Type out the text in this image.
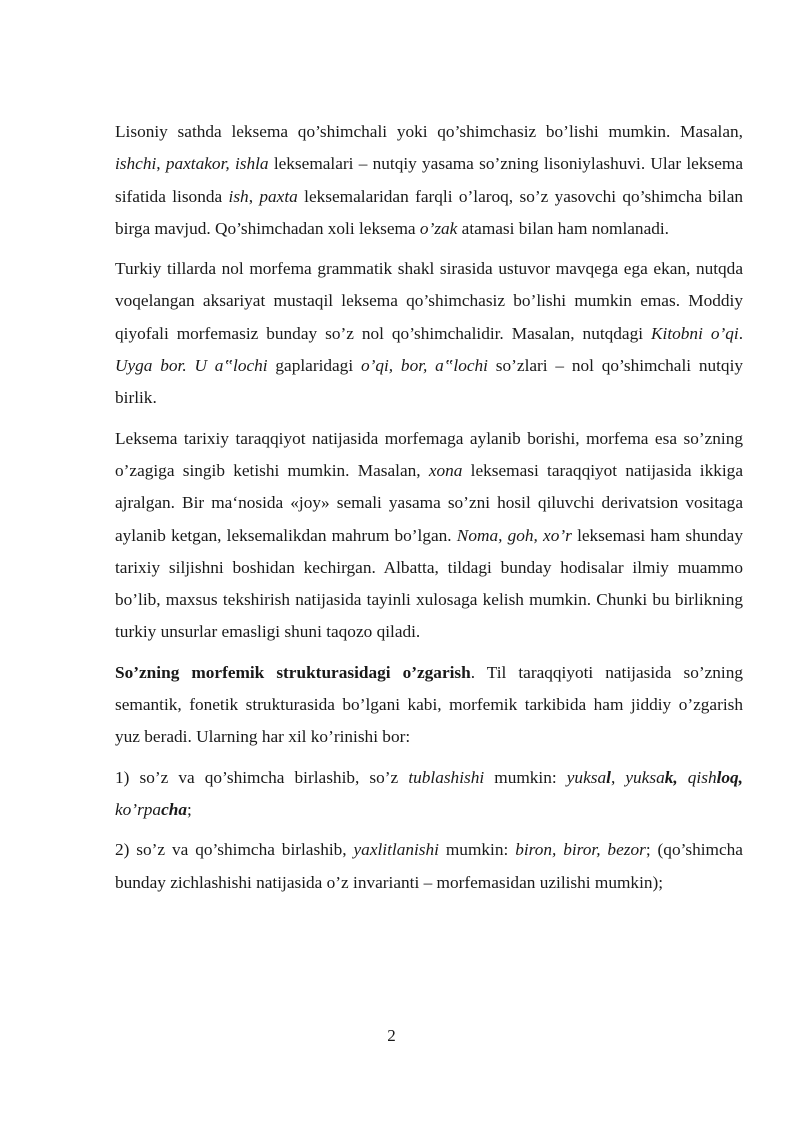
Lisoniy sathda leksema qo’shimchali yoki qo’shimchasiz bo’lishi mumkin. Masalan, ishchi, paxtakor, ishla leksemalari – nutqiy yasama so’zning lisoniylashuvi. Ular leksema sifatida lisonda ish, paxta leksemalaridan farqli o’laroq, so’z yasovchi qo’shimcha bilan birga mavjud. Qo’shimchadan xoli leksema o’zak atamasi bilan ham nomlanadi.

Turkiy tillarda nol morfema grammatik shakl sirasida ustuvor mavqega ega ekan, nutqda voqelangan aksariyat mustaqil leksema qo’shimchasiz bo’lishi mumkin emas. Moddiy qiyofali morfemasiz bunday so’z nol qo’shimchalidir. Masalan, nutqdagi Kitobni o’qi. Uyga bor. U a‟lochi gaplaridagi o’qi, bor, a‟lochi so’zlari – nol qo’shimchali nutqiy birlik.

Leksema tarixiy taraqqiyot natijasida morfemaga aylanib borishi, morfema esa so’zning o’zagiga singib ketishi mumkin. Masalan, xona leksemasi taraqqiyot natijasida ikkiga ajralgan. Bir ma‘nosida «joy» semali yasama so’zni hosil qiluvchi derivatsion vositaga aylanib ketgan, leksemalikdan mahrum bo’lgan. Noma, goh, xo’r leksemasi ham shunday tarixiy siljishni boshidan kechirgan. Albatta, tildagi bunday hodisalar ilmiy muammo bo’lib, maxsus tekshirish natijasida tayinli xulosaga kelish mumkin. Chunki bu birlikning turkiy unsurlar emasligi shuni taqozo qiladi.

So’zning morfemik strukturasidagi o’zgarish. Til taraqqiyoti natijasida so’zning semantik, fonetik strukturasida bo’lgani kabi, morfemik tarkibida ham jiddiy o’zgarish yuz beradi. Ularning har xil ko’rinishi bor:

1) so’z va qo’shimcha birlashib, so’z tublashishi mumkin: yuksal, yuksak, qishloq, ko’rpacha;

2) so’z va qo’shimcha birlashib, yaxlitlanishi mumkin: biron, biror, bezor; (qo’shimcha bunday zichlashishi natijasida o’z invarianti – morfemasidan uzilishi mumkin);

2
